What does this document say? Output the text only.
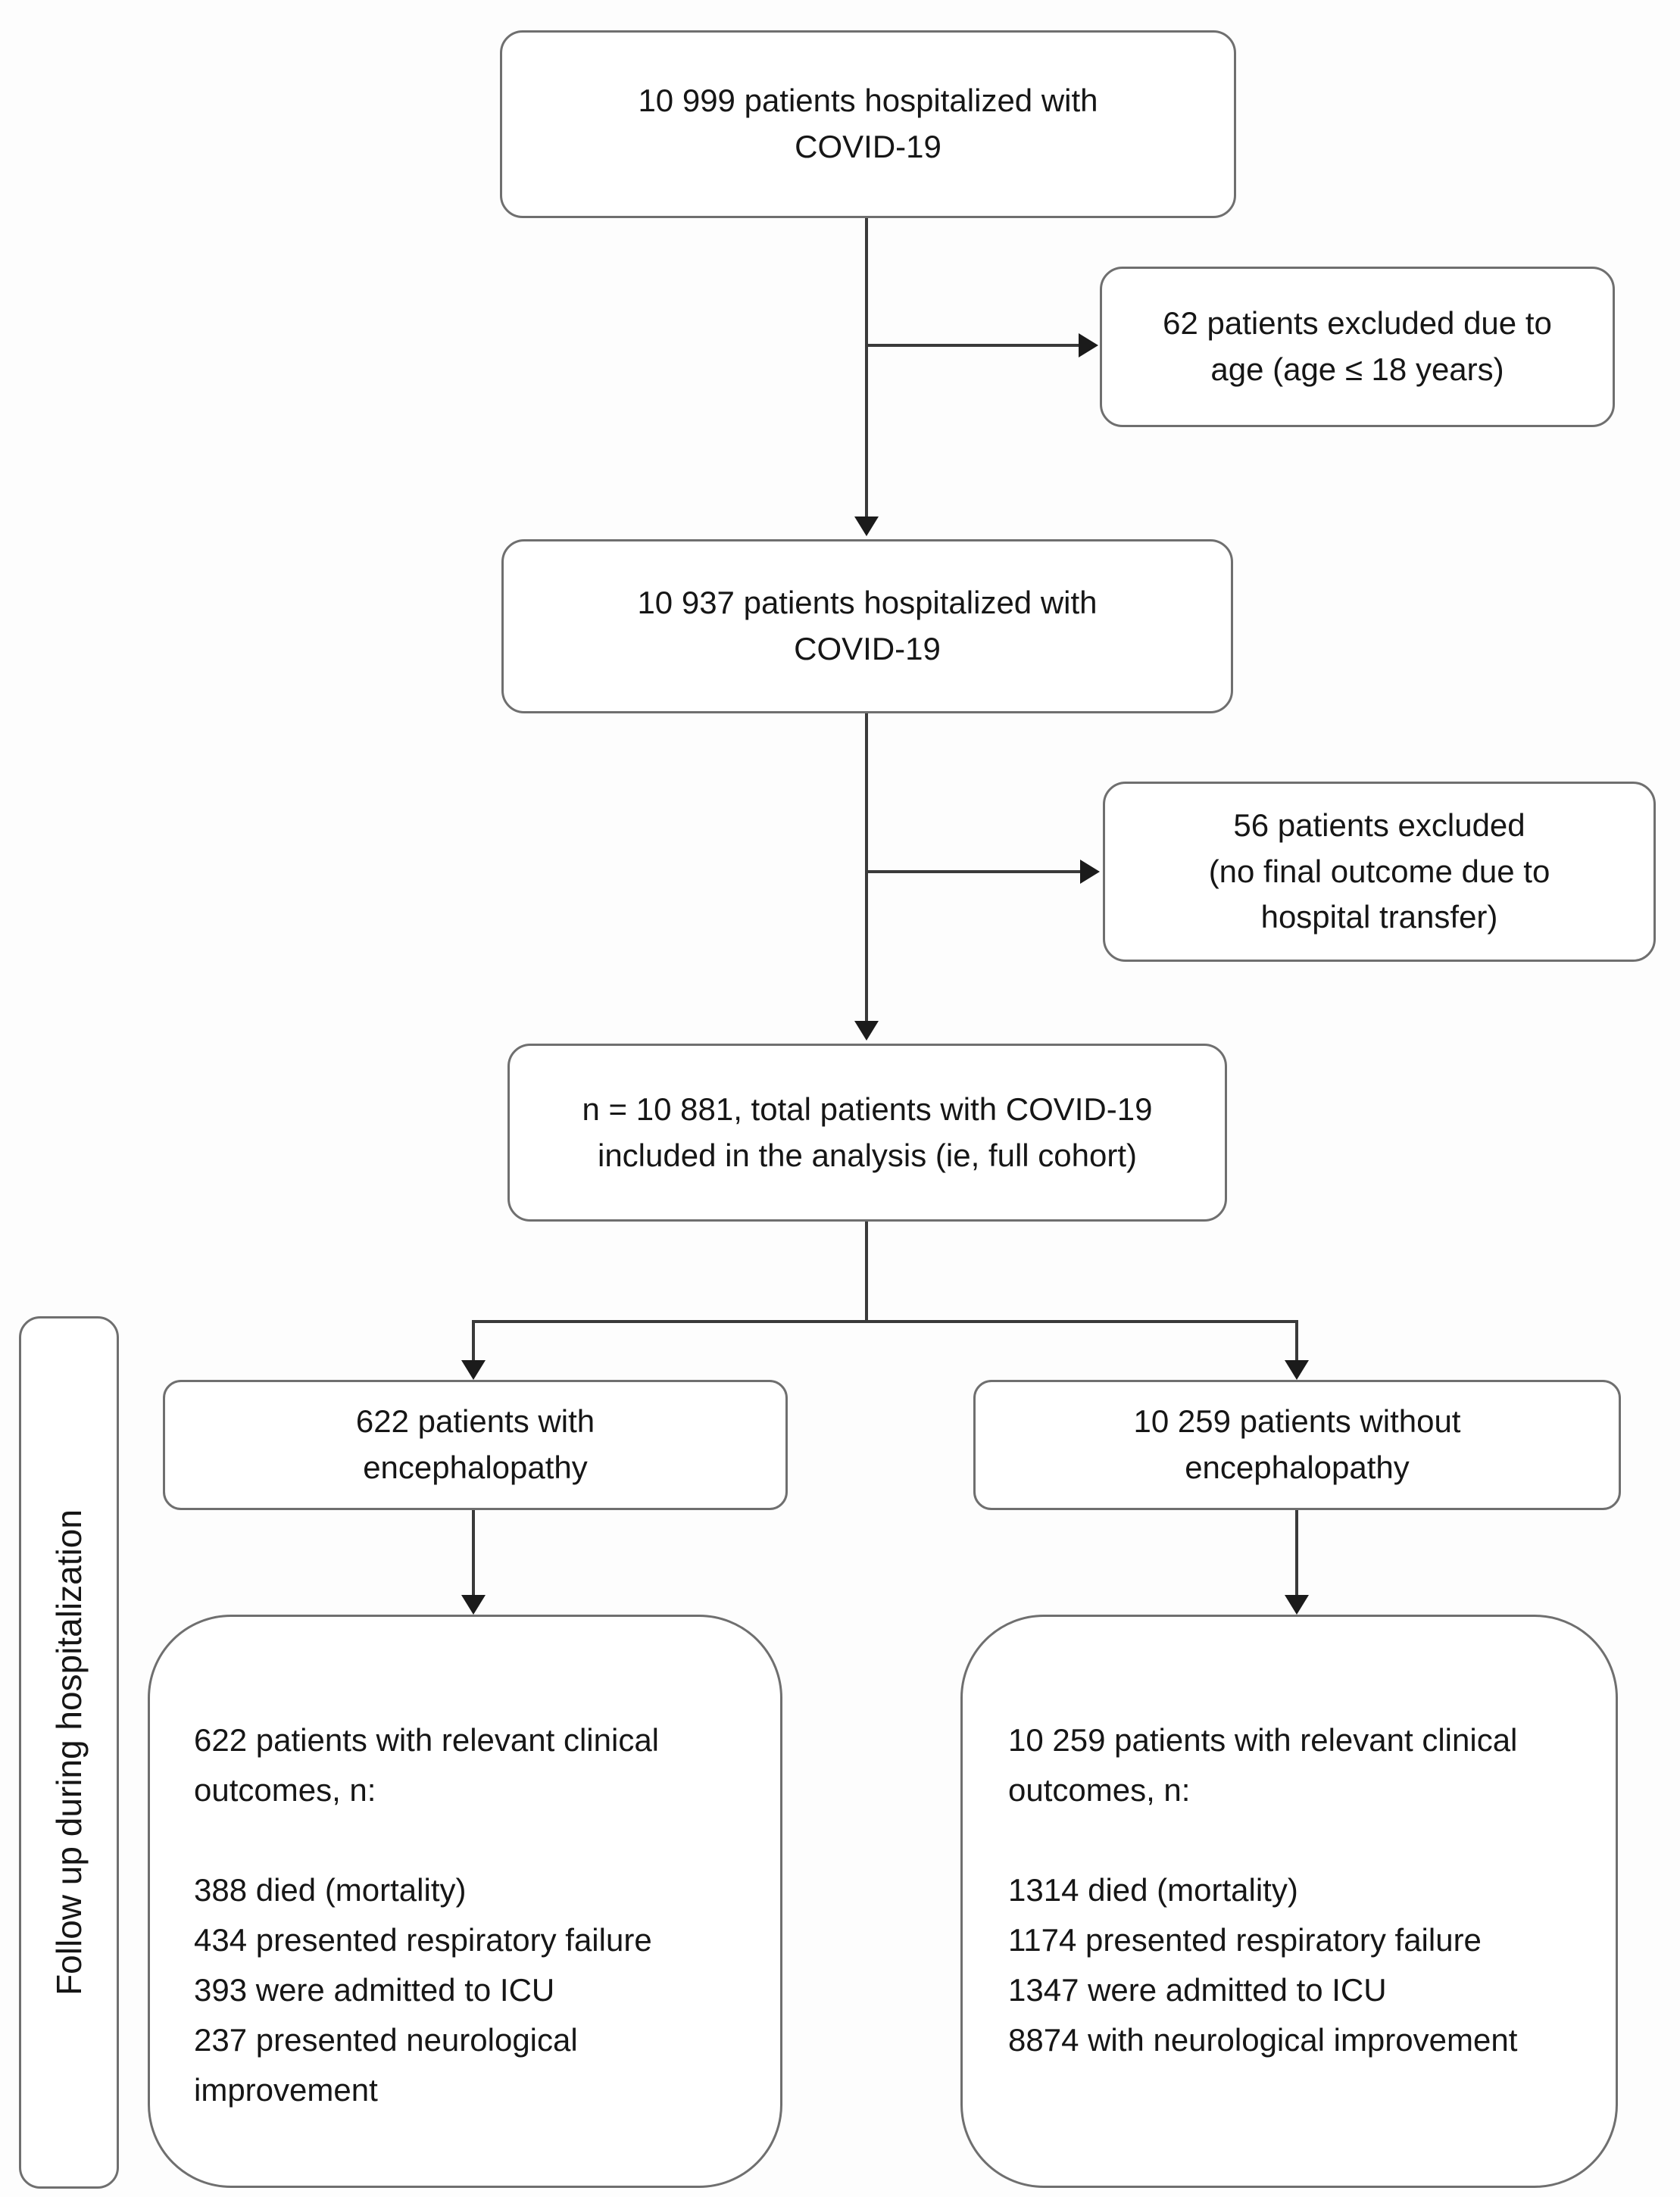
10 999 patients hospitalized with
COVID-19
62 patients excluded due to
age (age ≤ 18 years)
10 937 patients hospitalized with
COVID-19
56 patients excluded
(no final outcome due to
hospital transfer)
n = 10 881, total patients with COVID-19
included in the analysis (ie, full cohort)
622 patients with
encephalopathy
10 259 patients without
encephalopathy
622 patients with relevant clinical outcomes, n:
388 died (mortality)
434 presented respiratory failure
393 were admitted to ICU
237 presented neurological improvement
10 259 patients with relevant clinical outcomes, n:
1314 died (mortality)
1174 presented respiratory failure
1347 were admitted to ICU
8874 with neurological improvement
Follow up during hospitalization
